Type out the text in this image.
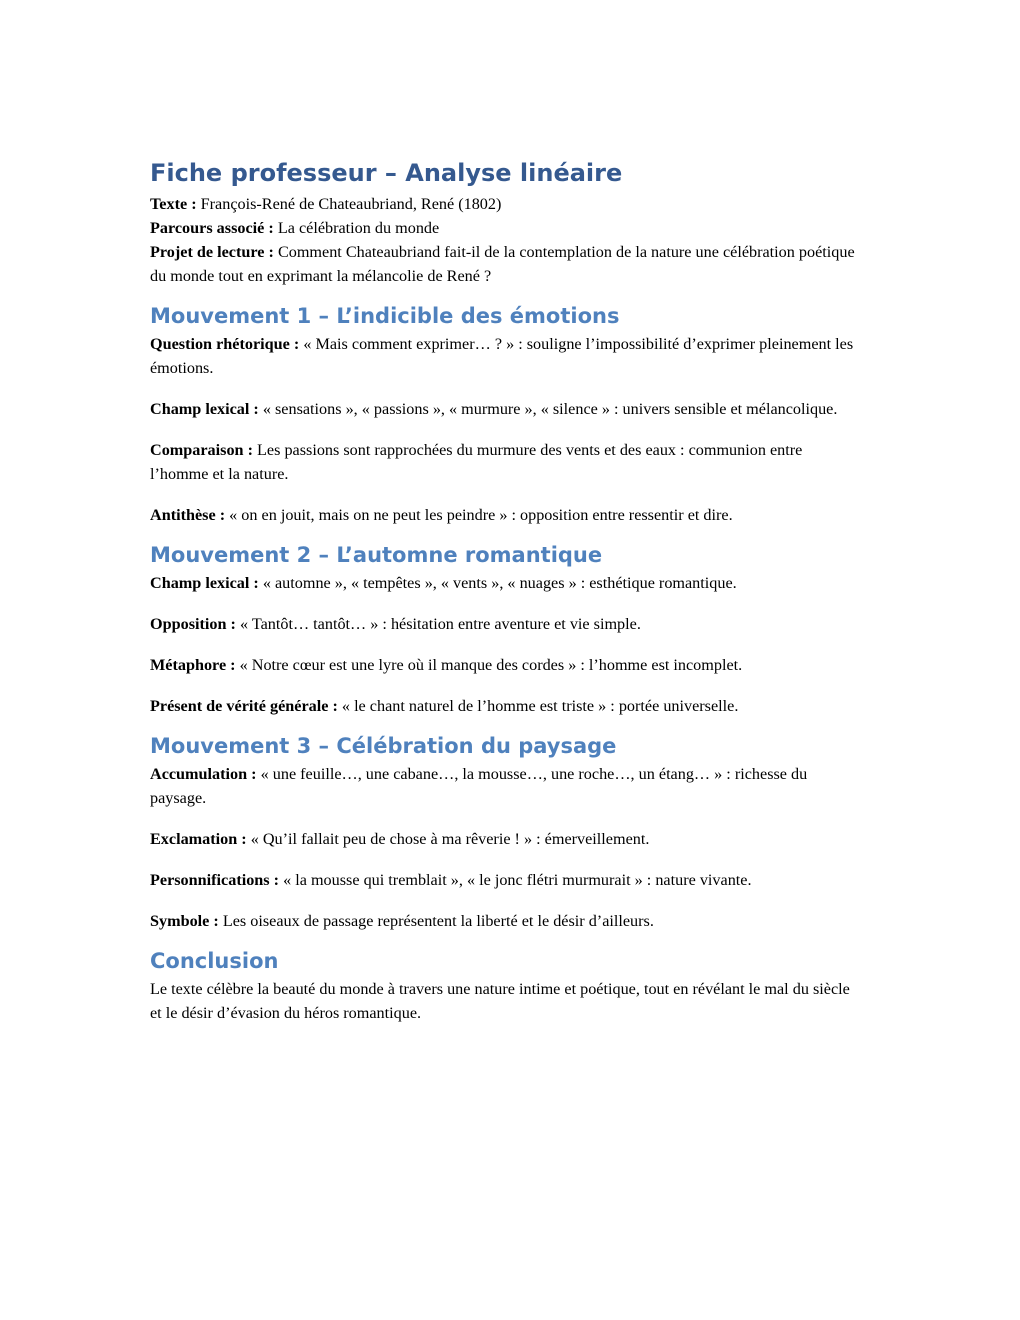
Fiche professeur – Analyse linéaire
Texte : François-René de Chateaubriand, René (1802)
Parcours associé : La célébration du monde
Projet de lecture : Comment Chateaubriand fait-il de la contemplation de la nature une célébration poétique du monde tout en exprimant la mélancolie de René ?
Mouvement 1 – L’indicible des émotions
Question rhétorique : « Mais comment exprimer… ? » : souligne l’impossibilité d’exprimer pleinement les émotions.
Champ lexical : « sensations », « passions », « murmure », « silence » : univers sensible et mélancolique.
Comparaison : Les passions sont rapprochées du murmure des vents et des eaux : communion entre l’homme et la nature.
Antithèse : « on en jouit, mais on ne peut les peindre » : opposition entre ressentir et dire.
Mouvement 2 – L’automne romantique
Champ lexical : « automne », « tempêtes », « vents », « nuages » : esthétique romantique.
Opposition : « Tantôt… tantôt… » : hésitation entre aventure et vie simple.
Métaphore : « Notre cœur est une lyre où il manque des cordes » : l’homme est incomplet.
Présent de vérité générale : « le chant naturel de l’homme est triste » : portée universelle.
Mouvement 3 – Célébration du paysage
Accumulation : « une feuille…, une cabane…, la mousse…, une roche…, un étang… » : richesse du paysage.
Exclamation : « Qu’il fallait peu de chose à ma rêverie ! » : émerveillement.
Personnifications : « la mousse qui tremblait », « le jonc flétri murmurait » : nature vivante.
Symbole : Les oiseaux de passage représentent la liberté et le désir d’ailleurs.
Conclusion
Le texte célèbre la beauté du monde à travers une nature intime et poétique, tout en révélant le mal du siècle et le désir d’évasion du héros romantique.
